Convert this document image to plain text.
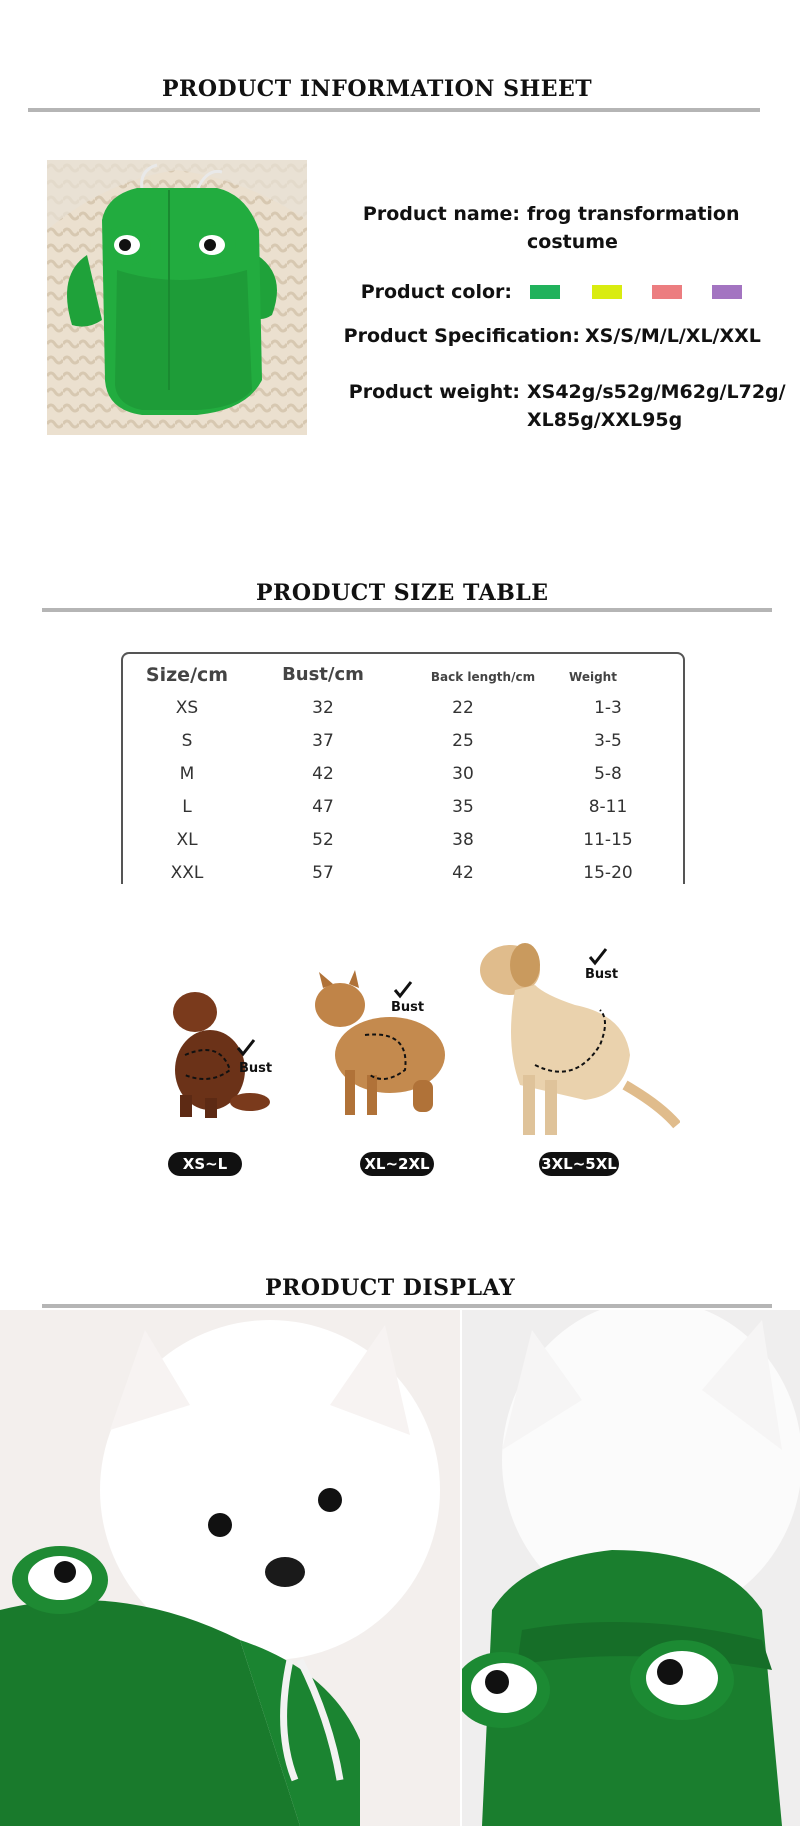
PRODUCT INFORMATION SHEET
Product name: frog transformation
costume
Product color:
Product Specification: XS/S/M/L/XL/XXL
Product weight: XS42g/s52g/M62g/L72g/
XL85g/XXL95g
PRODUCT SIZE TABLE
Size/cm	Bust/cm	Back length/cm	Weight
XS	32	22	1-3
S	37	25	3-5
M	42	30	5-8
L	47	35	8-11
XL	52	38	11-15
XXL	57	42	15-20
Bust
Bust
Bust
XS~L	XL~2XL	3XL~5XL
PRODUCT DISPLAY
